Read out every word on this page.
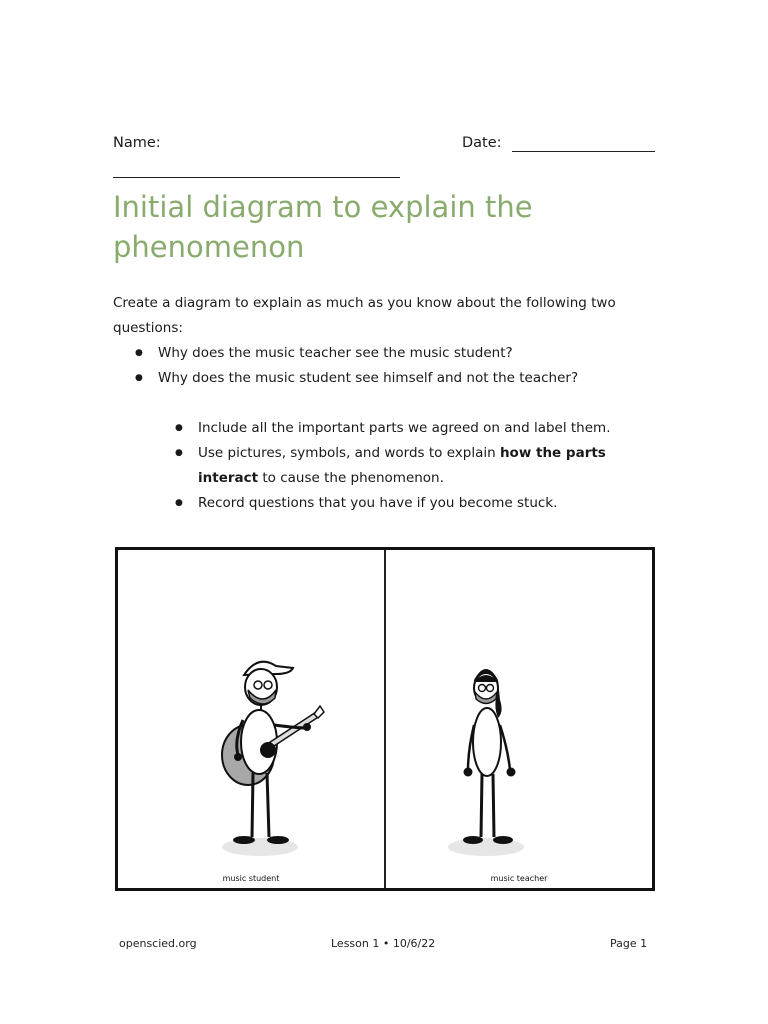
Name:	Date:
Initial diagram to explain the phenomenon

Create a diagram to explain as much as you know about the following two questions:

● Why does the music teacher see the music student?
● Why does the music student see himself and not the teacher?
● Include all the important parts we agreed on and label them.
● Use pictures, symbols, and words to explain how the parts interact to cause the phenomenon.
● Record questions that you have if you become stuck.
music student	music teacher
openscied.org	Lesson 1 • 10/6/22	Page 1
